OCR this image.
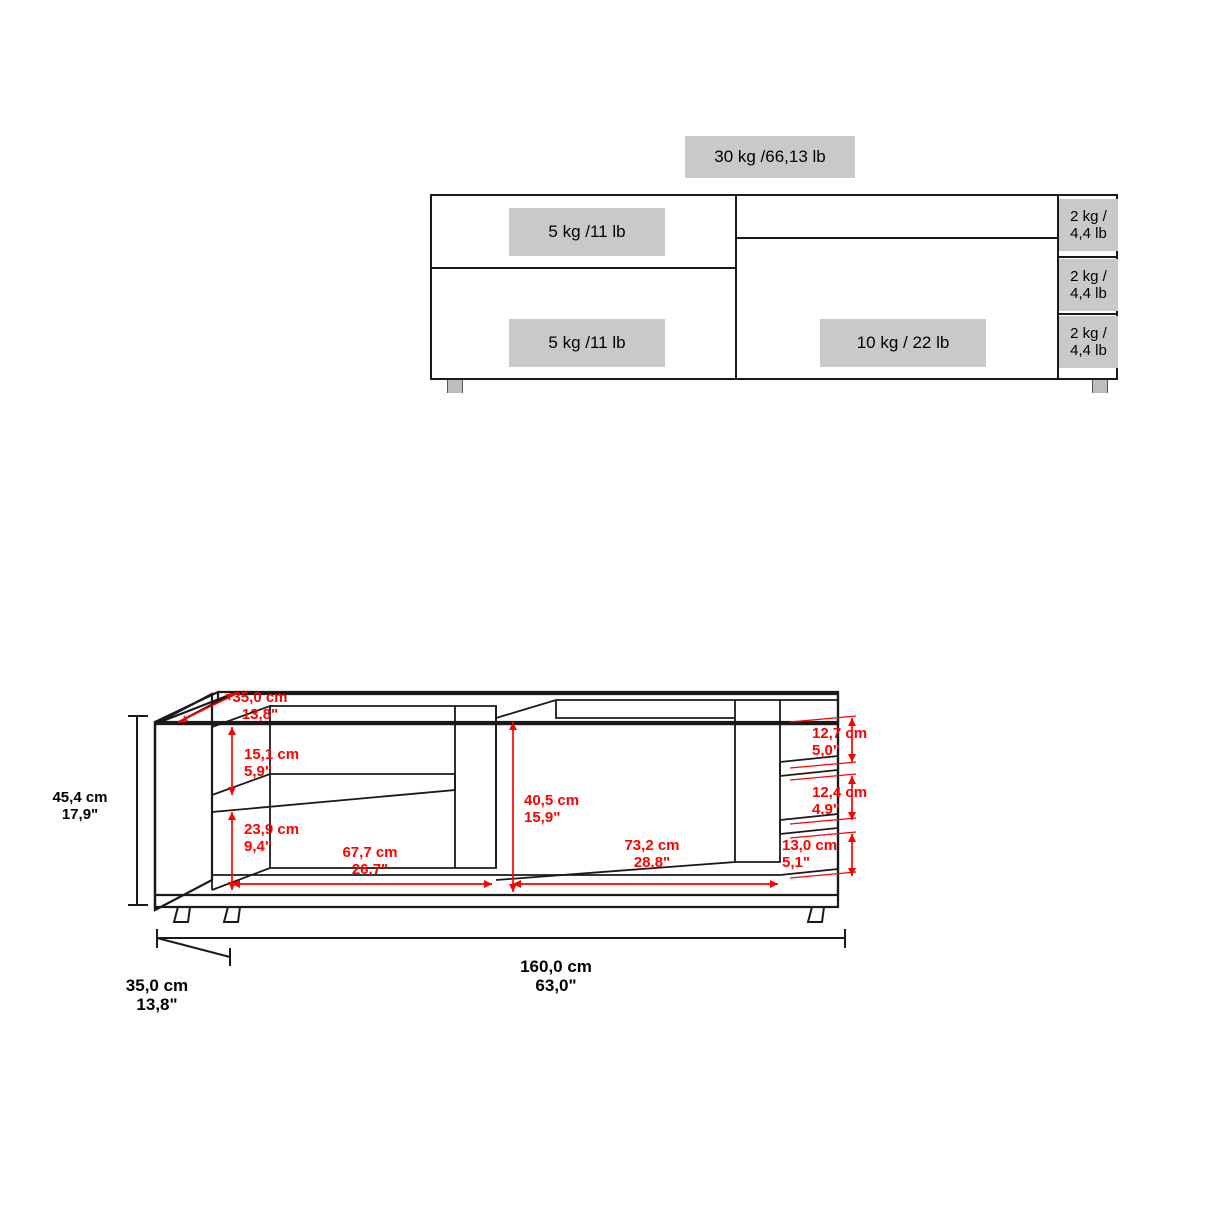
30 kg /66,13 lb
5 kg /11 lb
5 kg /11 lb	10 kg / 22 lb
2 kg /
4,4 lb
2 kg /
4,4 lb
2 kg /
4,4 lb
35,0 cm
13,8"
15,1 cm
5,9"
23,9 cm
9,4"	67,7 cm
26,7"
40,5 cm
15,9"
73,2 cm
28,8"
12,7 cm
5,0"
12,4 cm
4,9"
13,0 cm
5,1"
45,4 cm
17,9"
160,0 cm
63,0"
35,0 cm
13,8"
